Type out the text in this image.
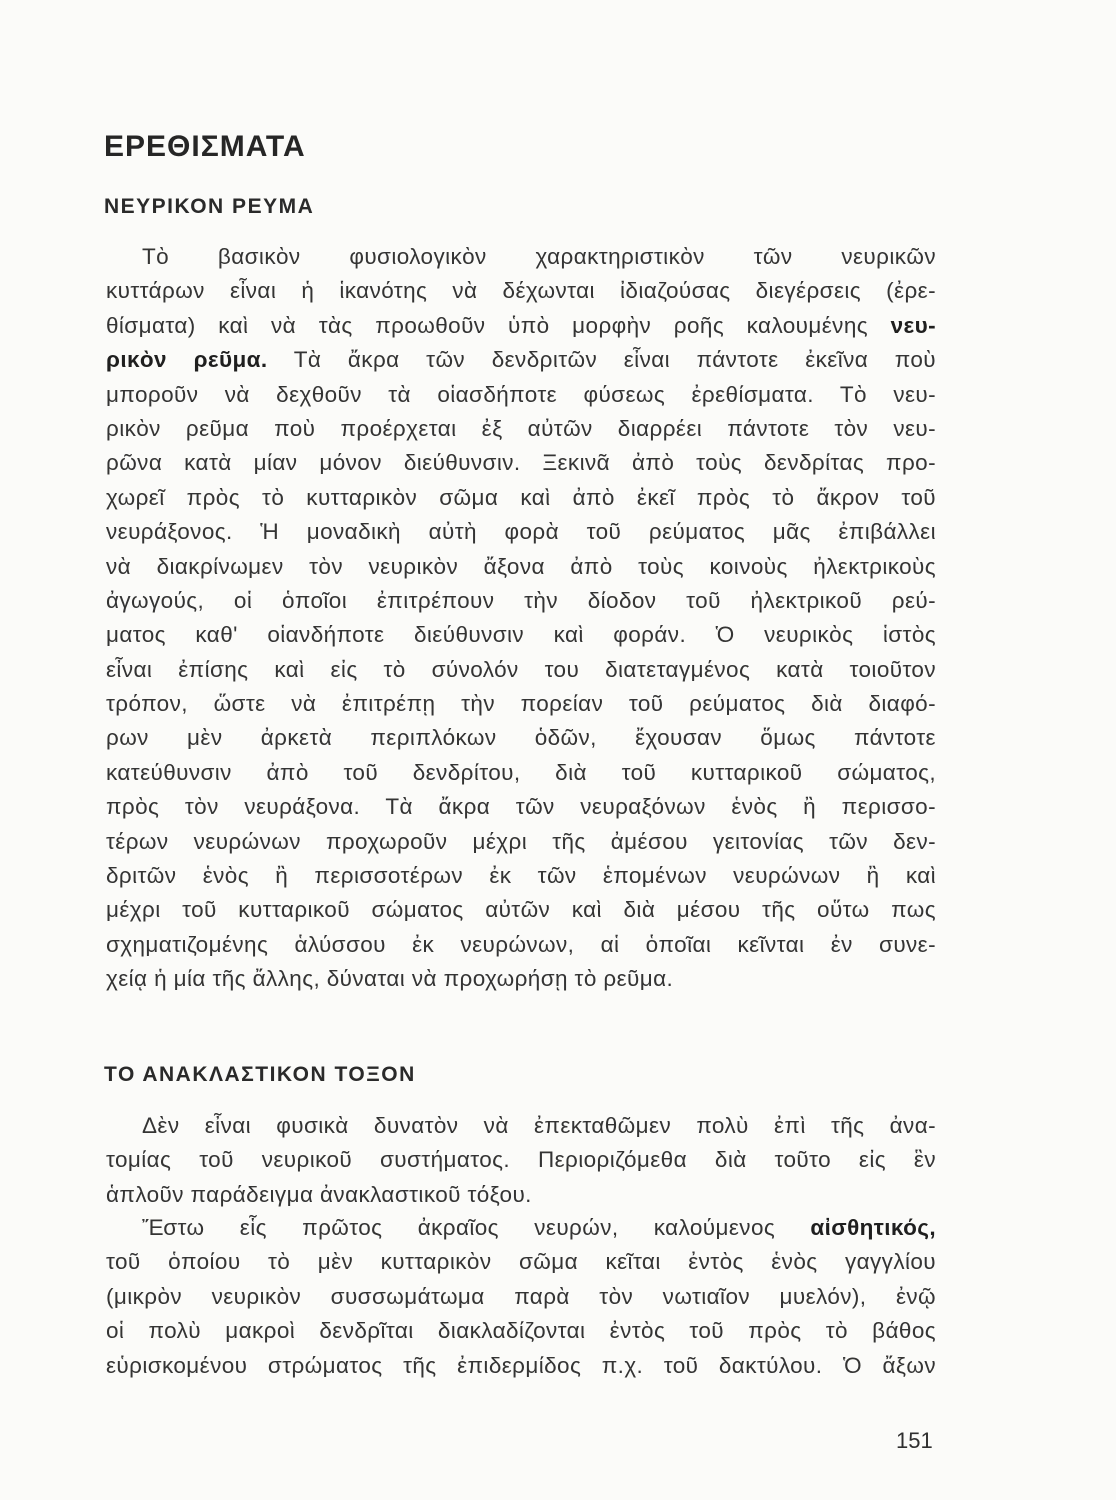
ΕΡΕΘΙΣΜΑΤΑ
ΝΕΥΡΙΚΟΝ ΡΕΥΜΑ
Τὸ βασικὸν φυσιολογικὸν χαρακτηριστικὸν τῶν νευρικῶν
κυττάρων εἶναι ἡ ἱκανότης νὰ δέχωνται ἰδιαζούσας διεγέρσεις (ἐρε-
θίσματα) καὶ νὰ τὰς προωθοῦν ὑπὸ μορφὴν ροῆς καλουμένης νευ-
ρικὸν ρεῦμα. Τὰ ἄκρα τῶν δενδριτῶν εἶναι πάντοτε ἐκεῖνα ποὺ
μποροῦν νὰ δεχθοῦν τὰ οἱασδήποτε φύσεως ἐρεθίσματα. Τὸ νευ-
ρικὸν ρεῦμα ποὺ προέρχεται ἐξ αὐτῶν διαρρέει πάντοτε τὸν νευ-
ρῶνα κατὰ μίαν μόνον διεύθυνσιν. Ξεκινᾶ ἀπὸ τοὺς δενδρίτας προ-
χωρεῖ πρὸς τὸ κυτταρικὸν σῶμα καὶ ἀπὸ ἐκεῖ πρὸς τὸ ἄκρον τοῦ
νευράξονος. Ἡ μοναδικὴ αὐτὴ φορὰ τοῦ ρεύματος μᾶς ἐπιβάλλει
νὰ διακρίνωμεν τὸν νευρικὸν ἄξονα ἀπὸ τοὺς κοινοὺς ἠλεκτρικοὺς
ἀγωγούς, οἱ ὁποῖοι ἐπιτρέπουν τὴν δίοδον τοῦ ἠλεκτρικοῦ ρεύ-
ματος καθ' οἱανδήποτε διεύθυνσιν καὶ φοράν. Ὁ νευρικὸς ἱστὸς
εἶναι ἐπίσης καὶ εἰς τὸ σύνολόν του διατεταγμένος κατὰ τοιοῦτον
τρόπον, ὥστε νὰ ἐπιτρέπῃ τὴν πορείαν τοῦ ρεύματος διὰ διαφό-
ρων μὲν ἀρκετὰ περιπλόκων ὁδῶν, ἔχουσαν ὅμως πάντοτε
κατεύθυνσιν ἀπὸ τοῦ δενδρίτου, διὰ τοῦ κυτταρικοῦ σώματος,
πρὸς τὸν νευράξονα. Τὰ ἄκρα τῶν νευραξόνων ἑνὸς ἢ περισσο-
τέρων νευρώνων προχωροῦν μέχρι τῆς ἀμέσου γειτονίας τῶν δεν-
δριτῶν ἑνὸς ἢ περισσοτέρων ἐκ τῶν ἑπομένων νευρώνων ἢ καὶ
μέχρι τοῦ κυτταρικοῦ σώματος αὐτῶν καὶ διὰ μέσου τῆς οὕτω πως
σχηματιζομένης ἁλύσσου ἐκ νευρώνων, αἱ ὁποῖαι κεῖνται ἐν συνε-
χείᾳ ἡ μία τῆς ἄλλης, δύναται νὰ προχωρήσῃ τὸ ρεῦμα.
ΤΟ ΑΝΑΚΛΑΣΤΙΚΟΝ ΤΟΞΟΝ
Δὲν εἶναι φυσικὰ δυνατὸν νὰ ἐπεκταθῶμεν πολὺ ἐπὶ τῆς ἀνα-
τομίας τοῦ νευρικοῦ συστήματος. Περιοριζόμεθα διὰ τοῦτο εἰς ἓν
ἁπλοῦν παράδειγμα ἀνακλαστικοῦ τόξου.
Ἔστω εἷς πρῶτος ἀκραῖος νευρών, καλούμενος αἰσθητικός,
τοῦ ὁποίου τὸ μὲν κυτταρικὸν σῶμα κεῖται ἐντὸς ἑνὸς γαγγλίου
(μικρὸν νευρικὸν συσσωμάτωμα παρὰ τὸν νωτιαῖον μυελόν), ἐνῷ
οἱ πολὺ μακροὶ δενδρῖται διακλαδίζονται ἐντὸς τοῦ πρὸς τὸ βάθος
εὑρισκομένου στρώματος τῆς ἐπιδερμίδος π.χ. τοῦ δακτύλου. Ὁ ἄξων
151
